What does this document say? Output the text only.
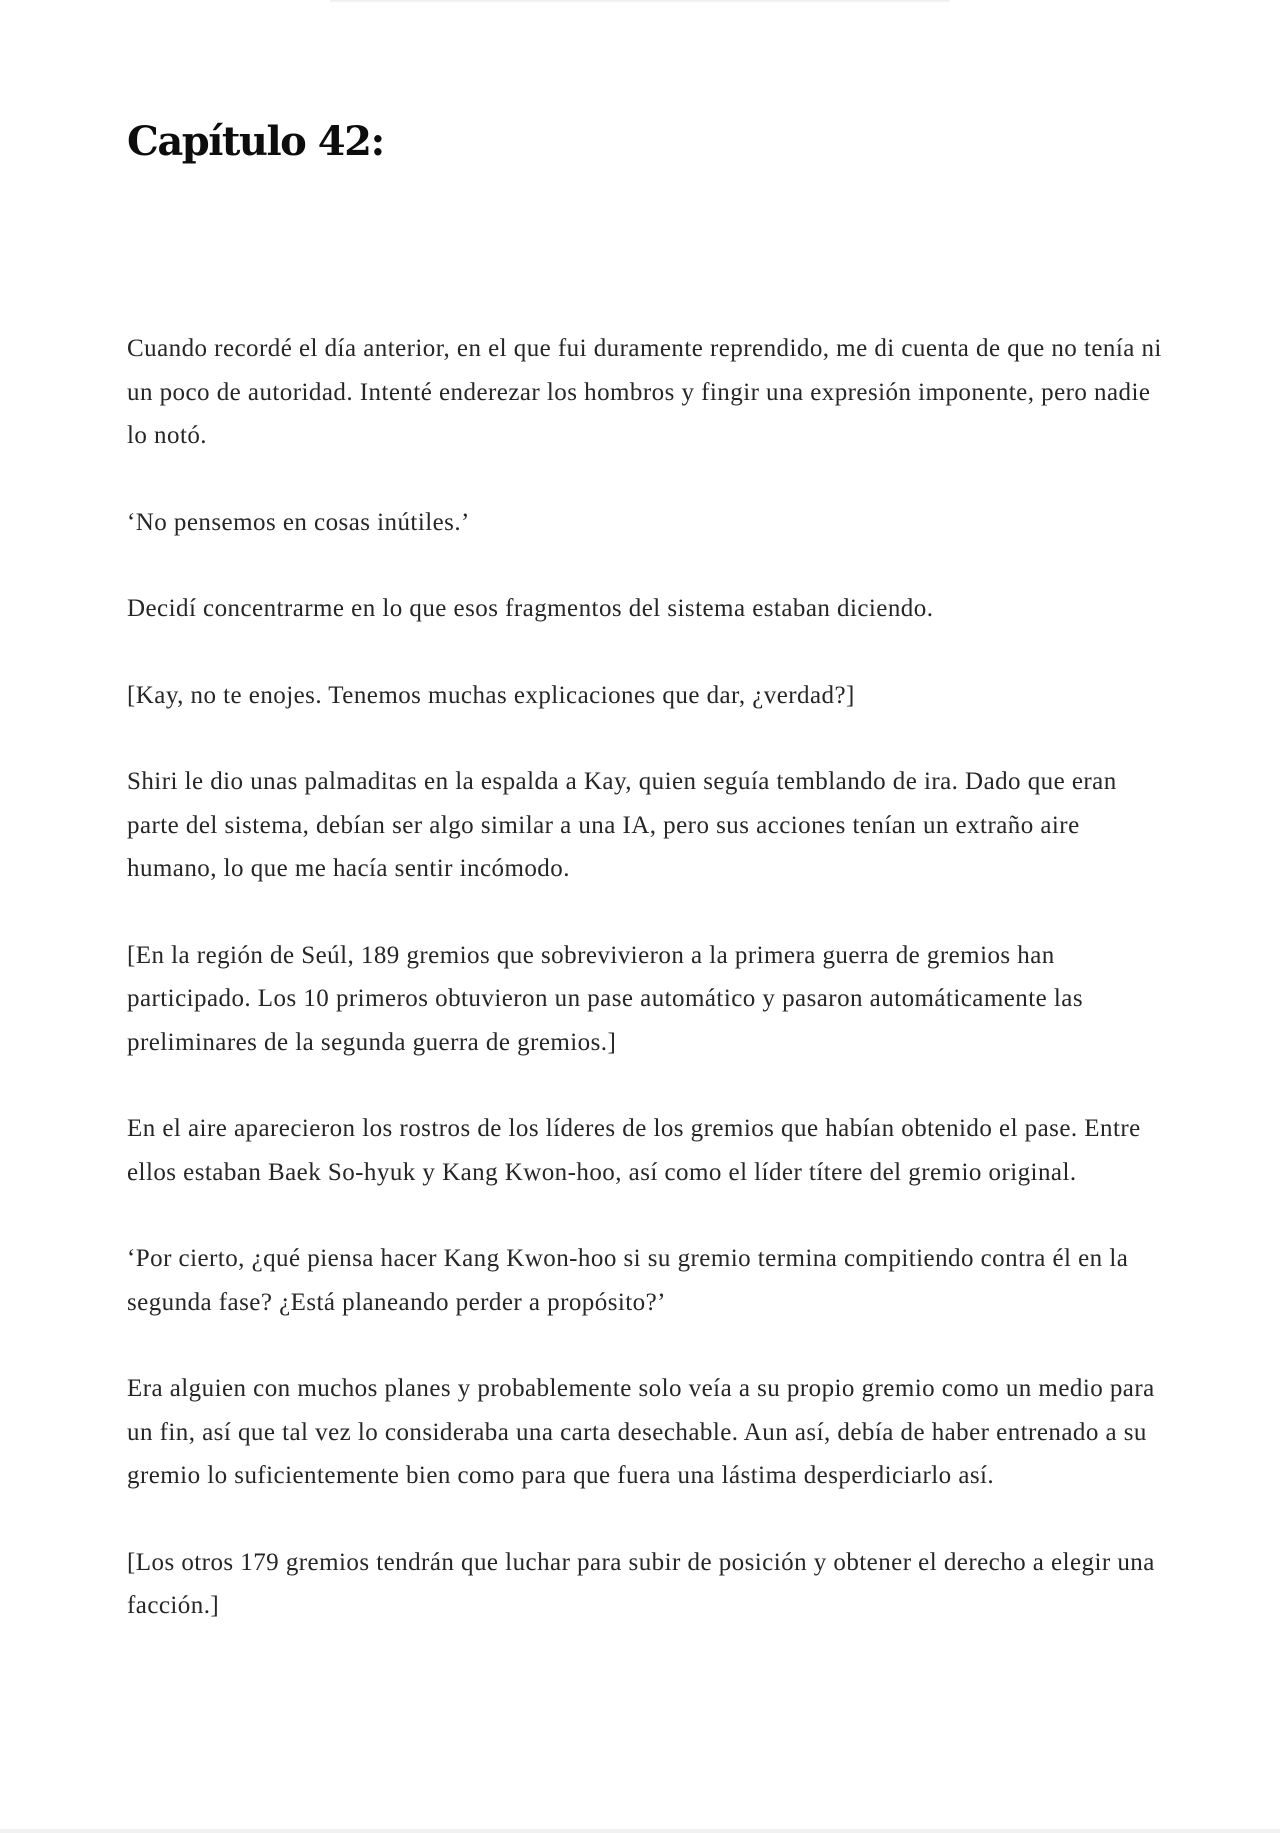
Capítulo 42:

Cuando recordé el día anterior, en el que fui duramente reprendido, me di cuenta de que no tenía ni un poco de autoridad. Intenté enderezar los hombros y fingir una expresión imponente, pero nadie lo notó.

‘No pensemos en cosas inútiles.’

Decidí concentrarme en lo que esos fragmentos del sistema estaban diciendo.

[Kay, no te enojes. Tenemos muchas explicaciones que dar, ¿verdad?]

Shiri le dio unas palmaditas en la espalda a Kay, quien seguía temblando de ira. Dado que eran parte del sistema, debían ser algo similar a una IA, pero sus acciones tenían un extraño aire humano, lo que me hacía sentir incómodo.

[En la región de Seúl, 189 gremios que sobrevivieron a la primera guerra de gremios han participado. Los 10 primeros obtuvieron un pase automático y pasaron automáticamente las preliminares de la segunda guerra de gremios.]

En el aire aparecieron los rostros de los líderes de los gremios que habían obtenido el pase. Entre ellos estaban Baek So-hyuk y Kang Kwon-hoo, así como el líder títere del gremio original.

‘Por cierto, ¿qué piensa hacer Kang Kwon-hoo si su gremio termina compitiendo contra él en la segunda fase? ¿Está planeando perder a propósito?’

Era alguien con muchos planes y probablemente solo veía a su propio gremio como un medio para un fin, así que tal vez lo consideraba una carta desechable. Aun así, debía de haber entrenado a su gremio lo suficientemente bien como para que fuera una lástima desperdiciarlo así.

[Los otros 179 gremios tendrán que luchar para subir de posición y obtener el derecho a elegir una facción.]
